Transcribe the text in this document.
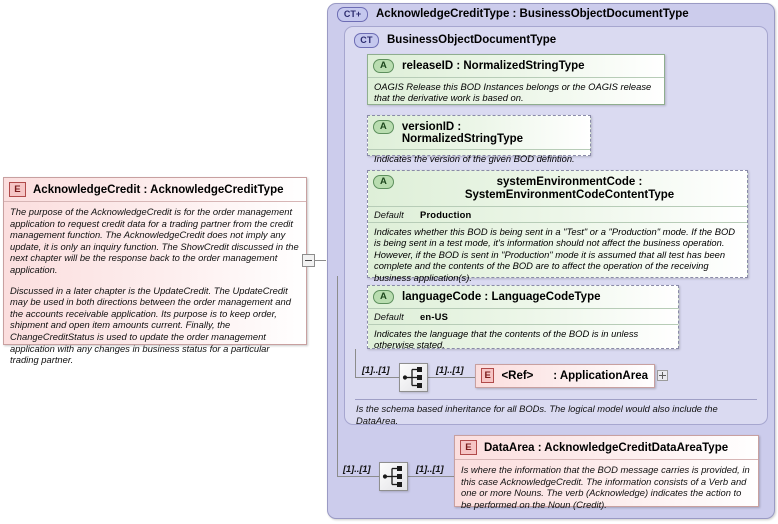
E	AcknowledgeCredit : AcknowledgeCreditType

The purpose of the AcknowledgeCredit is for the order management application to request credit data for a trading partner from the credit management function. The AcknowledgeCredit does not imply any update, it is only an inquiry function. The ShowCredit discussed in the next chapter will be the response back to the order management application.

Discussed in a later chapter is the UpdateCredit. The UpdateCredit may be used in both directions between the order management and the accounts receivable application. Its purpose is to keep order, shipment and open item amounts current. Finally, the ChangeCreditStatus is used to update the order management application with any changes in business status for a particular trading partner.

CT+	AcknowledgeCreditType : BusinessObjectDocumentType
CT	BusinessObjectDocumentType
A	releaseID : NormalizedStringType
OAGIS Release this BOD Instances belongs or the OAGIS release that the derivative work is based on.
A	versionID : NormalizedStringType
Indicates the version of the given BOD defintion.
A	systemEnvironmentCode : SystemEnvironmentCodeContentType
Default	Production
Indicates whether this BOD is being sent in a "Test" or a "Production" mode. If the BOD is being sent in a test mode, it's information should not affect the business operation. However, if the BOD is sent in "Production" mode it is assumed that all test has been complete and the contents of the BOD are to affect the operation of the receiving business application(s).
A	languageCode : LanguageCodeType
Default	en-US
Indicates the language that the contents of the BOD is in unless otherwise stated.
[1]..[1]	[1]..[1]	E <Ref> : ApplicationArea
Is the schema based inheritance for all BODs. The logical model would also include the DataArea.
[1]..[1]	[1]..[1]
E	DataArea : AcknowledgeCreditDataAreaType
Is where the information that the BOD message carries is provided, in this case AcknowledgeCredit. The information consists of a Verb and one or more Nouns. The verb (Acknowledge) indicates the action to be performed on the Noun (Credit).
